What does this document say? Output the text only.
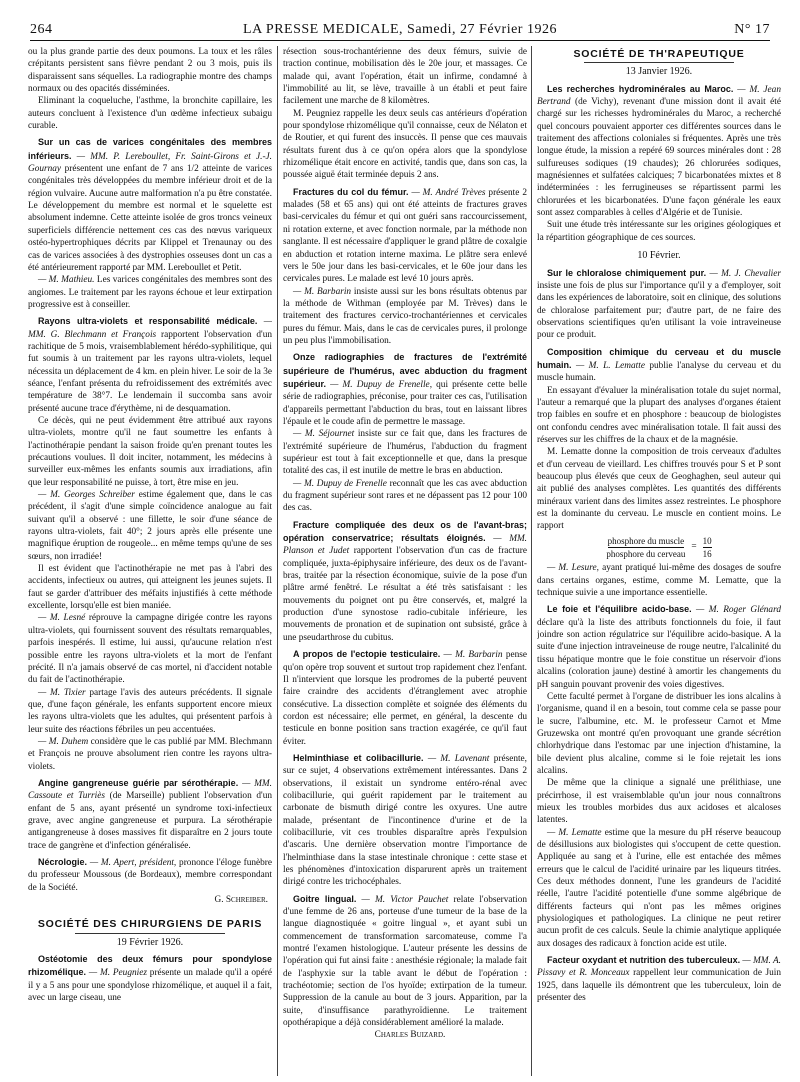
264	LA PRESSE MEDICALE, Samedi, 27 Février 1926	N° 17

ou la plus grande partie des deux poumons. La toux et les râles crépitants persistent sans fièvre pendant 2 ou 3 mois, puis ils disparaissent sans séquelles. La radiographie montre des champs normaux ou des opacités disséminées.

Eliminant la coqueluche, l'asthme, la bronchite capillaire, les auteurs concluent à l'existence d'un œdème infectieux subaigu curable.

Sur un cas de varices congénitales des membres inférieurs. — MM. P. Lereboullet, Fr. Saint-Girons et J.-J. Gournay présentent une enfant de 7 ans 1/2 atteinte de varices congénitales très développées du membre inférieur droit et de la région vulvaire. Aucune autre malformation n'a pu être constatée. Le développement du membre est normal et le squelette est absolument indemne. Cette atteinte isolée de gros troncs veineux superficiels différencie nettement ces cas des nœvus variqueux ostéo-hypertrophiques décrits par Klippel et Trenaunay ou des cas de varices associées à des dystrophies osseuses dont un cas a été antérieurement rapporté par MM. Lereboullet et Petit.

— M. Mathieu. Les varices congénitales des membres sont des angiomes. Le traitement par les rayons échoue et leur extirpation progressive est à conseiller.

Rayons ultra-violets et responsabilité médicale. — MM. G. Blechmann et François rapportent l'observation d'un rachitique de 5 mois, vraisemblablement hérédo-syphilitique, qui fut soumis à un traitement par les rayons ultra-violets, lequel nécessita un déplacement de 4 km. en plein hiver. Le soir de la 3e séance, l'enfant présenta du refroidissement des extrémités avec température de 38°7. Le lendemain il succomba sans avoir présenté aucune trace d'érythème, ni de desquamation.

Ce décès, qui ne peut évidemment être attribué aux rayons ultra-violets, montre qu'il ne faut soumettre les enfants à l'actinothérapie pendant la saison froide qu'en prenant toutes les précautions voulues. Il doit inciter, notamment, les médecins à surveiller eux-mêmes les enfants soumis aux irradiations, afin que leur responsabilité ne puisse, à tort, être mise en jeu.

— M. Georges Schreiber estime également que, dans le cas précédent, il s'agit d'une simple coïncidence analogue au fait suivant qu'il a observé : une fillette, le soir d'une séance de rayons ultra-violets, fait 40°; 2 jours après elle présente une magnifique éruption de rougeole... en même temps qu'une de ses sœurs, non irradiée!

Il est évident que l'actinothérapie ne met pas à l'abri des accidents, infectieux ou autres, qui atteignent les jeunes sujets. Il faut se garder d'attribuer des méfaits injustifiés à cette méthode excellente, lorsqu'elle est bien maniée.

— M. Lesné réprouve la campagne dirigée contre les rayons ultra-violets, qui fournissent souvent des résultats remarquables, parfois inespérés. Il estime, lui aussi, qu'aucune relation n'est possible entre les rayons ultra-violets et la mort de l'enfant précité. Il n'a jamais observé de cas mortel, ni d'accident notable du fait de l'actinothérapie.

— M. Tixier partage l'avis des auteurs précédents. Il signale que, d'une façon générale, les enfants supportent encore mieux les rayons ultra-violets que les adultes, qui présentent parfois à leur suite des réactions fébriles un peu accentuées.

— M. Duhem considère que le cas publié par MM. Blechmann et François ne prouve absolument rien contre les rayons ultra-violets.

Angine gangreneuse guérie par sérothérapie. — MM. Cassoute et Turriès (de Marseille) publient l'observation d'un enfant de 5 ans, ayant présenté un syndrome toxi-infectieux grave, avec angine gangreneuse et purpura. La sérothérapie antigangreneuse à doses massives fit disparaître en 2 jours toute trace de gangrène et d'infection généralisée.

Nécrologie. — M. Apert, président, prononce l'éloge funèbre du professeur Moussous (de Bordeaux), membre correspondant de la Société.

G. Schreiber.

SOCIÉTÉ DES CHIRURGIENS DE PARIS
19 Février 1926.

Ostéotomie des deux fémurs pour spondylose rhizomélique. — M. Peugniez présente un malade qu'il a opéré il y a 5 ans pour une spondylose rhizomélique, et auquel il a fait, avec un large ciseau, une

résection sous-trochantérienne des deux fémurs, suivie de traction continue, mobilisation dès le 20e jour, et massages. Ce malade qui, avant l'opération, était un infirme, condamné à l'immobilité au lit, se lève, travaille à un établi et peut faire facilement une marche de 8 kilomètres.

M. Peugniez rappelle les deux seuls cas antérieurs d'opération pour spondylose rhizomélique qu'il connaisse, ceux de Nélaton et de Routier, et qui furent des insuccès. Il pense que ces mauvais résultats furent dus à ce qu'on opéra alors que la spondylose rhizomélique était encore en activité, tandis que, dans son cas, la poussée aiguë était terminée depuis 2 ans.

Fractures du col du fémur. — M. André Trèves présente 2 malades (58 et 65 ans) qui ont été atteints de fractures graves basi-cervicales du fémur et qui ont guéri sans raccourcissement, ni rotation externe, et avec fonction normale, par la méthode non sanglante. Il est nécessaire d'appliquer le grand plâtre de coxalgie en abduction et rotation interne maxima. Le plâtre sera enlevé vers le 50e jour dans les basi-cervicales, et le 60e jour dans les cervicales pures. Le malade est levé 10 jours après.

— M. Barbarin insiste aussi sur les bons résultats obtenus par la méthode de Withman (employée par M. Trèves) dans le traitement des fractures cervico-trochantériennes et cervicales pures du fémur. Mais, dans le cas de cervicales pures, il prolonge un peu plus l'immobilisation.

Onze radiographies de fractures de l'extrémité supérieure de l'humérus, avec abduction du fragment supérieur. — M. Dupuy de Frenelle, qui présente cette belle série de radiographies, préconise, pour traiter ces cas, l'utilisation d'appareils permettant l'abduction du bras, tout en laissant libres l'épaule et le coude afin de permettre le massage.

— M. Séjournet insiste sur ce fait que, dans les fractures de l'extrémité supérieure de l'humérus, l'abduction du fragment supérieur est tout à fait exceptionnelle et que, dans la presque totalité des cas, il est inutile de mettre le bras en abduction.

— M. Dupuy de Frenelle reconnaît que les cas avec abduction du fragment supérieur sont rares et ne dépassent pas 12 pour 100 des cas.

Fracture compliquée des deux os de l'avant-bras; opération conservatrice; résultats éloignés. — MM. Planson et Judet rapportent l'observation d'un cas de fracture compliquée, juxta-épiphysaire inférieure, des deux os de l'avant-bras, traitée par la résection économique, suivie de la pose d'un plâtre armé fenêtré. Le résultat a été très satisfaisant : les mouvements du poignet ont pu être conservés, et, malgré la production d'une synostose radio-cubitale inférieure, les mouvements de pronation et de supination ont subsisté, grâce à une pseudarthrose du cubitus.

A propos de l'ectopie testiculaire. — M. Barbarin pense qu'on opère trop souvent et surtout trop rapidement chez l'enfant. Il n'intervient que lorsque les prodromes de la puberté peuvent faire craindre des accidents d'étranglement avec atrophie consécutive. La dissection complète et soignée des éléments du cordon est nécessaire; elle permet, en général, la descente du testicule en bonne position sans traction exagérée, ce qu'il faut éviter.

Helminthiase et colibacillurie. — M. Lavenant présente, sur ce sujet, 4 observations extrêmement intéressantes. Dans 2 observations, il existait un syndrome entéro-rénal avec colibacillurie, qui guérit rapidement par le traitement au carbonate de bismuth dirigé contre les oxyures. Une autre malade, présentant de l'incontinence d'urine et de la colibacillurie, vit ces troubles disparaître après l'expulsion d'ascaris. Une dernière observation montre l'importance de l'helminthiase dans la stase intestinale chronique : cette stase et les phénomènes d'intoxication disparurent après un traitement dirigé contre les trichocéphales.

Goitre lingual. — M. Victor Pauchet relate l'observation d'une femme de 26 ans, porteuse d'une tumeur de la base de la langue diagnostiquée « goitre lingual », et ayant subi un commencement de transformation sarcomateuse, comme l'a montré l'examen histologique. L'auteur présente les dessins de l'opération qui fut ainsi faite : anesthésie régionale; la malade fait de l'asphyxie sur la table avant le début de l'opération : trachéotomie; section de l'os hyoïde; extirpation de la tumeur. Suppression de la canule au bout de 3 jours. Apparition, par la suite, d'insuffisance parathyroïdienne. Le traitement opothérapique a déjà considérablement amélioré la malade.

Charles Buizard.

SOCIÉTÉ DE TH'RAPEUTIQUE
13 Janvier 1926.

Les recherches hydrominérales au Maroc. — M. Jean Bertrand (de Vichy), revenant d'une mission dont il avait été chargé sur les richesses hydrominérales du Maroc, a recherché quel concours pouvaient apporter ces différentes sources dans le traitement des affections coloniales si fréquentes. Après une très longue étude, la mission a repéré 69 sources minérales dont : 28 sulfureuses sodiques (19 chaudes); 26 chlorurées sodiques, magnésiennes et sulfatées calciques; 7 bicarbonatées mixtes et 8 indéterminées : les ferrugineuses se répartissent parmi les chlorurées et les bicarbonatées. D'une façon générale les eaux sont assez comparables à celles d'Algérie et de Tunisie.

Suit une étude très intéressante sur les origines géologiques et la répartition géographique de ces sources.

10 Février.

Sur le chloralose chimiquement pur. — M. J. Chevalier insiste une fois de plus sur l'importance qu'il y a d'employer, soit dans les expériences de laboratoire, soit en clinique, des solutions de chloralose parfaitement pur; d'autre part, de ne faire des observations scientifiques qu'en utilisant la voie intraveineuse pour ce produit.

Composition chimique du cerveau et du muscle humain. — M. L. Lematte publie l'analyse du cerveau et du muscle humain.

En essayant d'évaluer la minéralisation totale du sujet normal, l'auteur a remarqué que la plupart des analyses d'organes étaient trop faibles en soufre et en phosphore : beaucoup de biologistes ont confondu cendres avec minéralisation totale. Il fait aussi des réserves sur les chiffres de la chaux et de la magnésie.

M. Lematte donne la composition de trois cerveaux d'adultes et d'un cerveau de vieillard. Les chiffres trouvés pour S et P sont beaucoup plus élevés que ceux de Geoghaghen, seul auteur qui ait publié des analyses complètes. Les quantités des différents minéraux varient dans des limites assez restreintes. Le phosphore est la dominante du cerveau. Le muscle en contient moins. Le rapport

phosphore du muscle
phosphore du cerveau
= $\frac{10}{16}$

— M. Lesure, ayant pratiqué lui-même des dosages de soufre dans certains organes, estime, comme M. Lematte, que la technique suivie a une importance essentielle.

Le foie et l'équilibre acido-base. — M. Roger Glénard déclare qu'à la liste des attributs fonctionnels du foie, il faut joindre son action régulatrice sur l'équilibre acido-basique. A la suite d'une injection intraveineuse de rouge neutre, l'alcalinité du tissu hépatique montre que le foie constitue un réservoir d'ions alcalins (coloration jaune) destiné à amortir les changements du pH sanguin pouvant provenir des voies digestives.

Cette faculté permet à l'organe de distribuer les ions alcalins à l'organisme, quand il en a besoin, tout comme cela se passe pour le sucre, l'albumine, etc. M. le professeur Carnot et Mme Gruzewska ont montré qu'en provoquant une grande sécrétion chlorhydrique dans l'estomac par une injection d'histamine, la bile devient plus alcaline, comme si le foie rejetait les ions alcalins.

De même que la clinique a signalé une prélithiase, une précirrhose, il est vraisemblable qu'un jour nous connaîtrons mieux les troubles morbides dus aux acidoses et alcaloses latentes.

— M. Lematte estime que la mesure du pH réserve beaucoup de désillusions aux biologistes qui s'occupent de cette question. Appliquée au sang et à l'urine, elle est entachée des mêmes erreurs que le calcul de l'acidité urinaire par les liqueurs titrées. Ces deux méthodes donnent, l'une les grandeurs de l'acidité réelle, l'autre l'acidité potentielle d'une somme algébrique de différents facteurs qui n'ont pas les mêmes origines physiologiques et pathologiques. La clinique ne peut retirer aucun profit de ces calculs. Seule la chimie analytique appliquée aux dosages des radicaux à fonction acide est utile.

Facteur oxydant et nutrition des tuberculeux. — MM. A. Pissavy et R. Monceaux rappellent leur communication de Juin 1925, dans laquelle ils démontrent que les tuberculeux, loin de présenter des
